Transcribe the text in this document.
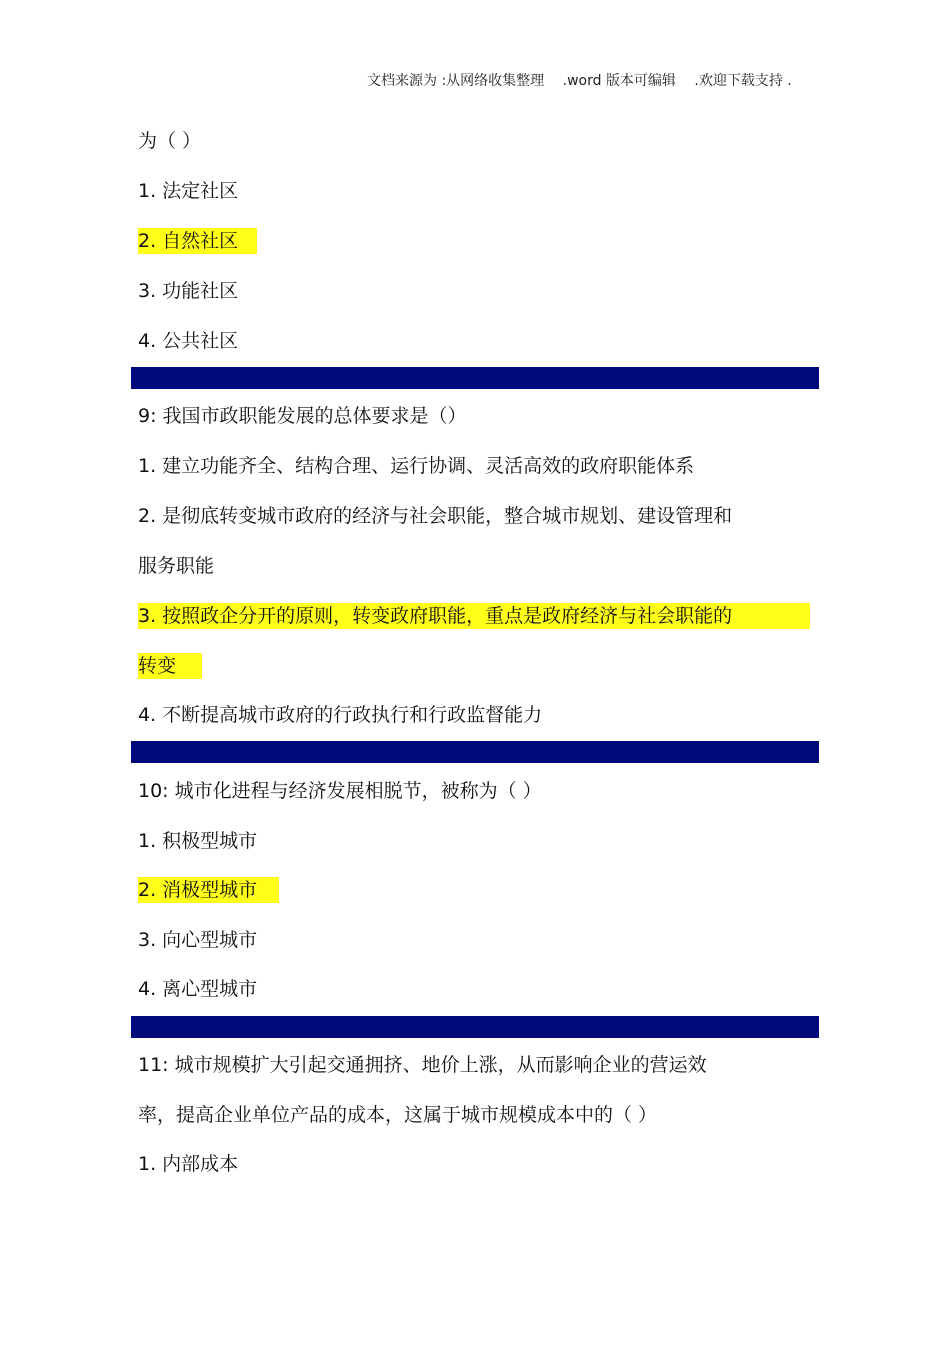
文档来源为 :从网络收集整理 .word 版本可编辑 .欢迎下载支持 .
为（ ）
1. 法定社区
2. 自然社区
3. 功能社区
4. 公共社区
9: 我国市政职能发展的总体要求是（）
1. 建立功能齐全、结构合理、运行协调、灵活高效的政府职能体系
2. 是彻底转变城市政府的经济与社会职能，整合城市规划、建设管理和
服务职能
3. 按照政企分开的原则，转变政府职能，重点是政府经济与社会职能的
转变
4. 不断提高城市政府的行政执行和行政监督能力
10: 城市化进程与经济发展相脱节，被称为（ ）
1. 积极型城市
2. 消极型城市
3. 向心型城市
4. 离心型城市
11: 城市规模扩大引起交通拥挤、地价上涨，从而影响企业的营运效
率，提高企业单位产品的成本，这属于城市规模成本中的（ ）
1. 内部成本
